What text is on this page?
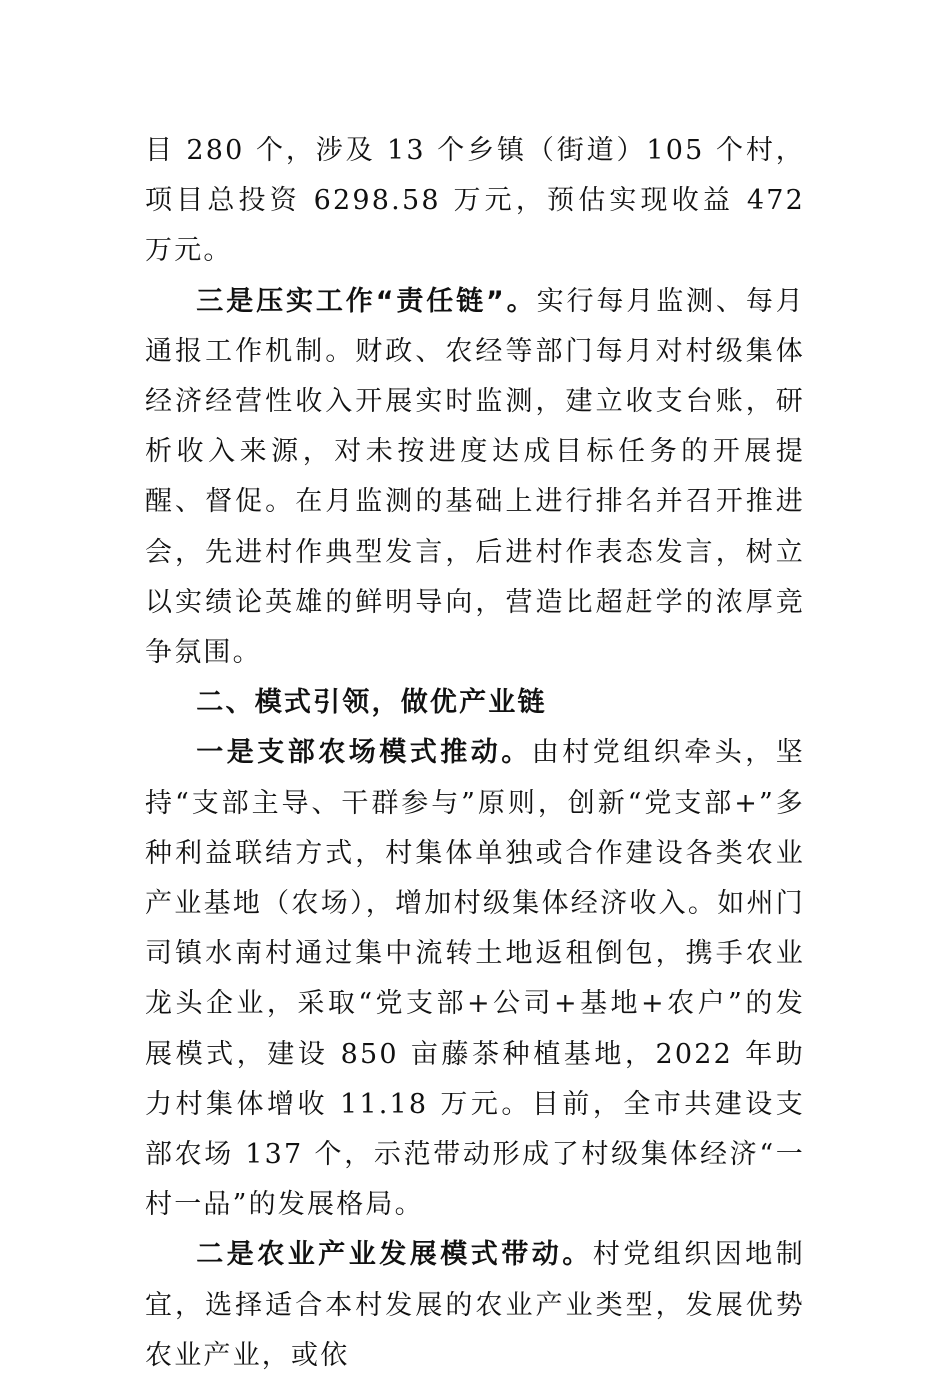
目 280 个，涉及 13 个乡镇（街道）105 个村，项目总投资 6298.58 万元，预估实现收益 472 万元。

三是压实工作“责任链”。实行每月监测、每月通报工作机制。财政、农经等部门每月对村级集体经济经营性收入开展实时监测，建立收支台账，研析收入来源，对未按进度达成目标任务的开展提醒、督促。在月监测的基础上进行排名并召开推进会，先进村作典型发言，后进村作表态发言，树立以实绩论英雄的鲜明导向，营造比超赶学的浓厚竞争氛围。

二、模式引领，做优产业链

一是支部农场模式推动。由村党组织牵头，坚持“支部主导、干群参与”原则，创新“党支部+”多种利益联结方式，村集体单独或合作建设各类农业产业基地（农场），增加村级集体经济收入。如州门司镇水南村通过集中流转土地返租倒包，携手农业龙头企业，采取“党支部+公司+基地+农户”的发展模式，建设 850 亩藤茶种植基地，2022 年助力村集体增收 11.18 万元。目前，全市共建设支部农场 137 个，示范带动形成了村级集体经济“一村一品”的发展格局。

二是农业产业发展模式带动。村党组织因地制宜，选择适合本村发展的农业产业类型，发展优势农业产业，或依
